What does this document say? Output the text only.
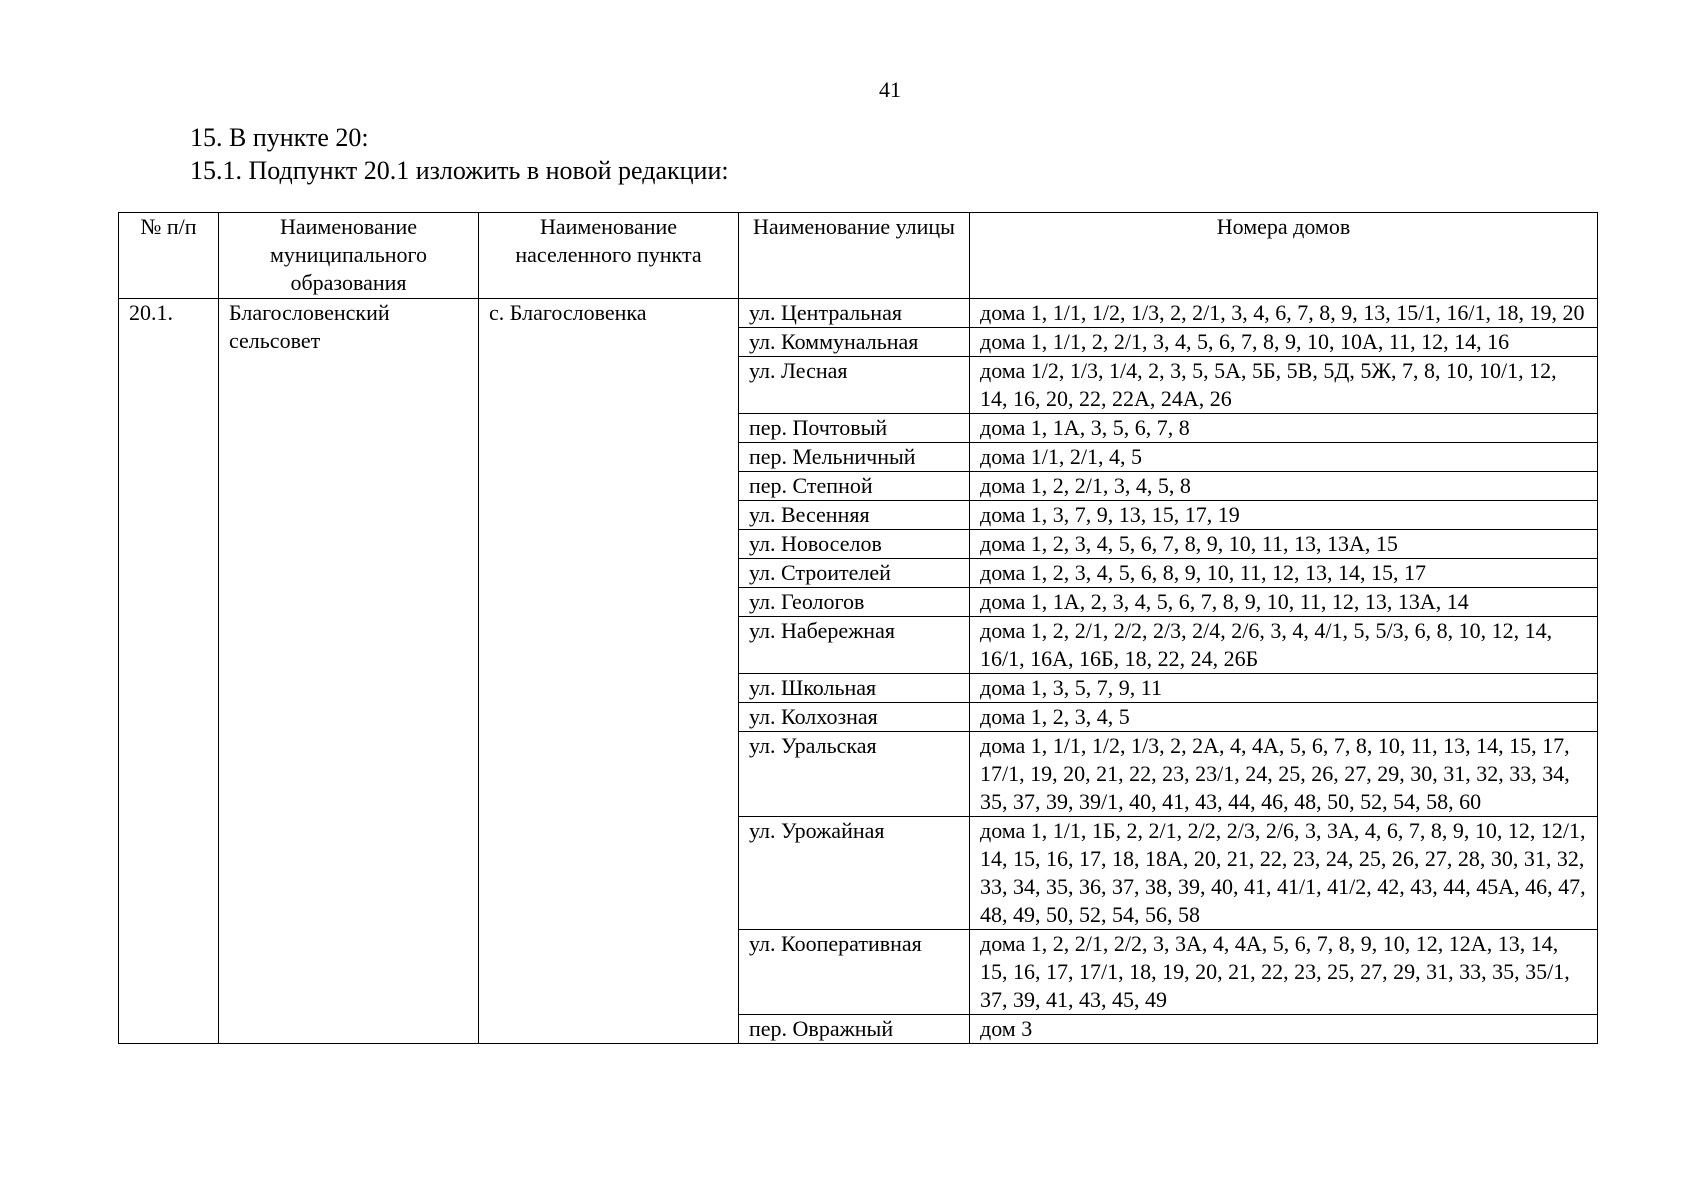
41
15. В пункте 20:
15.1. Подпункт 20.1 изложить в новой редакции:
№ п/п	Наименование муниципального образования	Наименование населенного пункта	Наименование улицы	Номера домов
20.1.	Благословенский сельсовет	с. Благословенка	ул. Центральная	дома 1, 1/1, 1/2, 1/3, 2, 2/1, 3, 4, 6, 7, 8, 9, 13, 15/1, 16/1, 18, 19, 20
			ул. Коммунальная	дома 1, 1/1, 2, 2/1, 3, 4, 5, 6, 7, 8, 9, 10, 10А, 11, 12, 14, 16
			ул. Лесная	дома 1/2, 1/3, 1/4, 2, 3, 5, 5А, 5Б, 5В, 5Д, 5Ж, 7, 8, 10, 10/1, 12, 14, 16, 20, 22, 22А, 24А, 26
			пер. Почтовый	дома 1, 1А, 3, 5, 6, 7, 8
			пер. Мельничный	дома 1/1, 2/1, 4, 5
			пер. Степной	дома 1, 2, 2/1, 3, 4, 5, 8
			ул. Весенняя	дома 1, 3, 7, 9, 13, 15, 17, 19
			ул. Новоселов	дома 1, 2, 3, 4, 5, 6, 7, 8, 9, 10, 11, 13, 13А, 15
			ул. Строителей	дома 1, 2, 3, 4, 5, 6, 8, 9, 10, 11, 12, 13, 14, 15, 17
			ул. Геологов	дома 1, 1А, 2, 3, 4, 5, 6, 7, 8, 9, 10, 11, 12, 13, 13А, 14
			ул. Набережная	дома 1, 2, 2/1, 2/2, 2/3, 2/4, 2/6, 3, 4, 4/1, 5, 5/3, 6, 8, 10, 12, 14, 16/1, 16А, 16Б, 18, 22, 24, 26Б
			ул. Школьная	дома 1, 3, 5, 7, 9, 11
			ул. Колхозная	дома 1, 2, 3, 4, 5
			ул. Уральская	дома 1, 1/1, 1/2, 1/3, 2, 2А, 4, 4А, 5, 6, 7, 8, 10, 11, 13, 14, 15, 17, 17/1, 19, 20, 21, 22, 23, 23/1, 24, 25, 26, 27, 29, 30, 31, 32, 33, 34, 35, 37, 39, 39/1, 40, 41, 43, 44, 46, 48, 50, 52, 54, 58, 60
			ул. Урожайная	дома 1, 1/1, 1Б, 2, 2/1, 2/2, 2/3, 2/6, 3, 3А, 4, 6, 7, 8, 9, 10, 12, 12/1, 14, 15, 16, 17, 18, 18А, 20, 21, 22, 23, 24, 25, 26, 27, 28, 30, 31, 32, 33, 34, 35, 36, 37, 38, 39, 40, 41, 41/1, 41/2, 42, 43, 44, 45А, 46, 47, 48, 49, 50, 52, 54, 56, 58
			ул. Кооперативная	дома 1, 2, 2/1, 2/2, 3, 3А, 4, 4А, 5, 6, 7, 8, 9, 10, 12, 12А, 13, 14, 15, 16, 17, 17/1, 18, 19, 20, 21, 22, 23, 25, 27, 29, 31, 33, 35, 35/1, 37, 39, 41, 43, 45, 49
			пер. Овражный	дом 3
